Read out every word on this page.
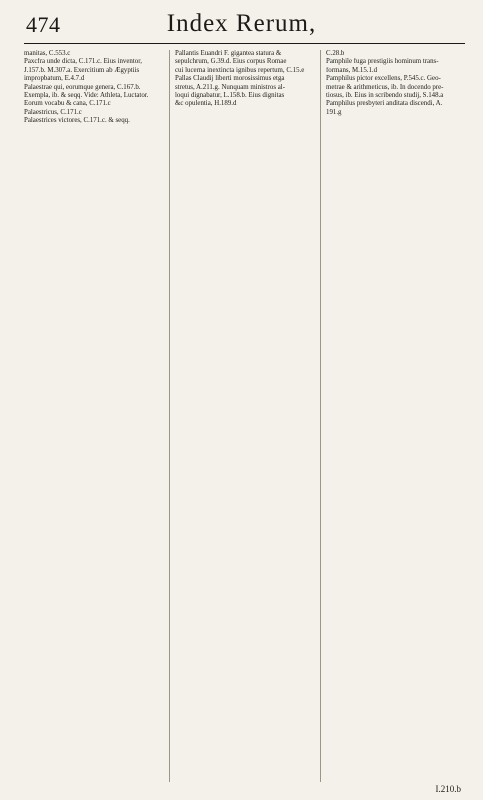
474	Index Rerum,
manitas, C.553.c
Paxcfra unde dicta, C.171.c. Eius inventor,
J.157.b. M.307.a. Exercitium ab Ægyptiis
impropbatum, E.4.7.d
Palaestrae qui, eorumque genera, C.167.b.
Exempla, ib. & seqq. Vide: Athleta, Luctator.
Eorum vocabu & cana, C.171.c
Palaestricus, C.171.c
Palaestrices victores, C.171.c. & seqq.
Pallantis Euandri F. gigantea statura &
sepulchrum, G.39.d. Eius corpus Romae
cui lucerna inextincta ignibus repertum, C.15.e
Pallas Claudij liberti morosissimus etga
stretus, A.211.g. Nunquam ministros al-
loqui dignabatur, L.158.b. Eius dignitas
&c opulentia, H.189.d
C.28.b
Pamphile fuga prestigiis hominum trans-
formans, M.15.1.d
Pamphilus pictor excellens, P.545.c. Geo-
metrae & arithmeticus, ib. In docendo pre-
tiosus, ib. Eius in scribendo studij, S.148.a
Pamphilus presbyteri anditata discendi, A.
191.g
I.210.b
